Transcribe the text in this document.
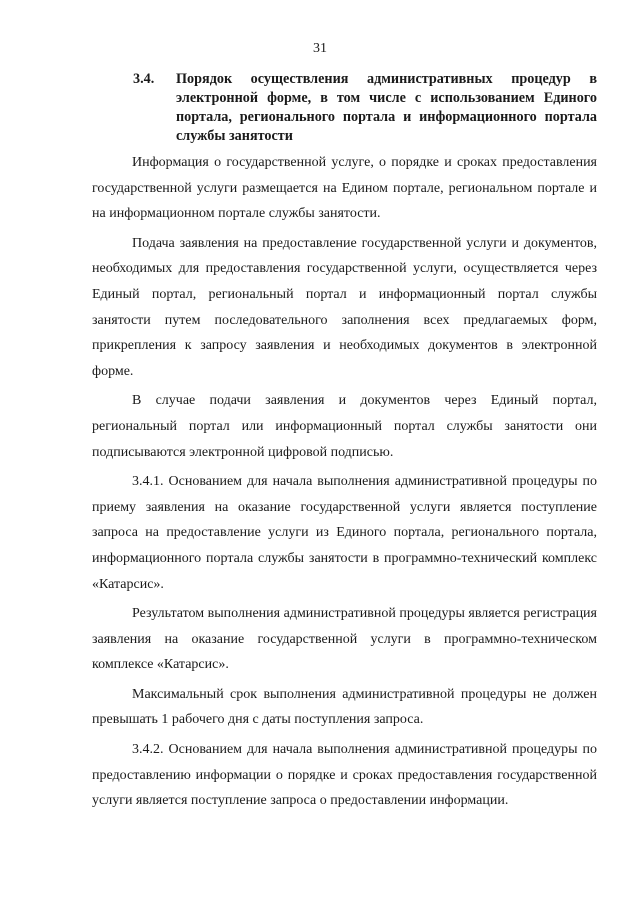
31
3.4. Порядок осуществления административных процедур в электронной форме, в том числе с использованием Единого портала, регионального портала и информационного портала службы занятости

Информация о государственной услуге, о порядке и сроках предоставления государственной услуги размещается на Едином портале, региональном портале и на информационном портале службы занятости.

Подача заявления на предоставление государственной услуги и документов, необходимых для предоставления государственной услуги, осуществляется через Единый портал, региональный портал и информационный портал службы занятости путем последовательного заполнения всех предлагаемых форм, прикрепления к запросу заявления и необходимых документов в электронной форме.

В случае подачи заявления и документов через Единый портал, региональный портал или информационный портал службы занятости они подписываются электронной цифровой подписью.

3.4.1. Основанием для начала выполнения административной процедуры по приему заявления на оказание государственной услуги является поступление запроса на предоставление услуги из Единого портала, регионального портала, информационного портала службы занятости в программно-технический комплекс «Катарсис».

Результатом выполнения административной процедуры является регистрация заявления на оказание государственной услуги в программно-техническом комплексе «Катарсис».

Максимальный срок выполнения административной процедуры не должен превышать 1 рабочего дня с даты поступления запроса.

3.4.2. Основанием для начала выполнения административной процедуры по предоставлению информации о порядке и сроках предоставления государственной услуги является поступление запроса о предоставлении информации.
